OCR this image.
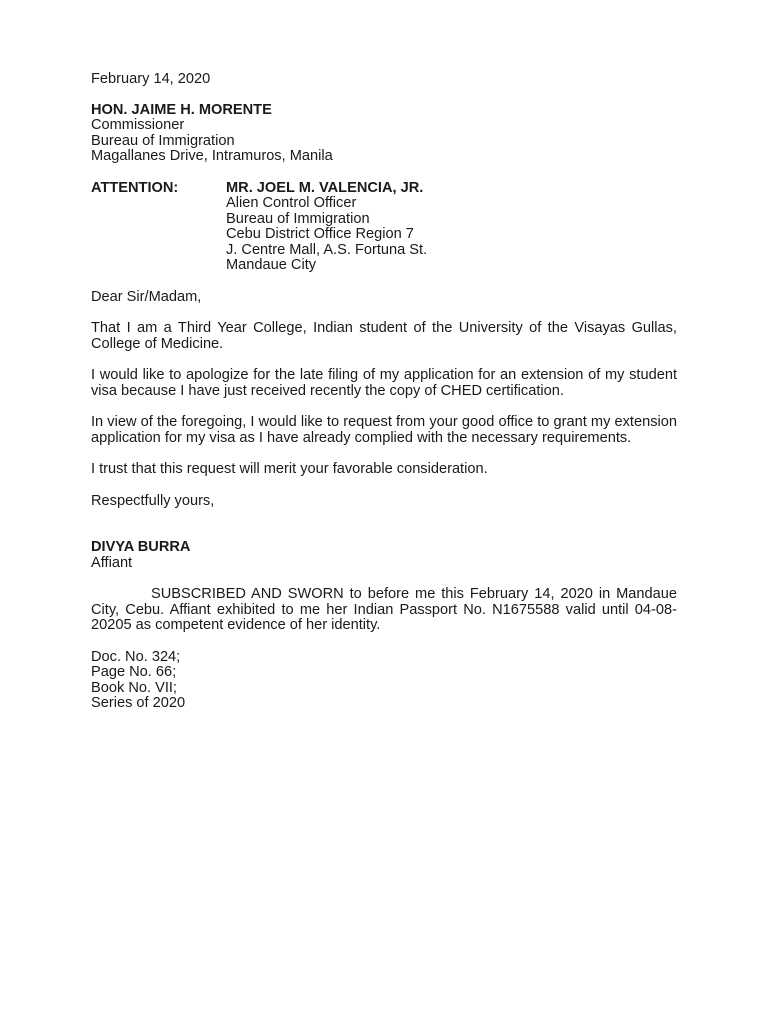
February 14, 2020
HON. JAIME H. MORENTE
Commissioner
Bureau of Immigration
Magallanes Drive, Intramuros, Manila
ATTENTION:	MR. JOEL M. VALENCIA, JR.
Alien Control Officer
Bureau of Immigration
Cebu District Office Region 7
J. Centre Mall, A.S. Fortuna St.
Mandaue City
Dear Sir/Madam,

That I am a Third Year College, Indian student of the University of the Visayas Gullas, College of Medicine.

I would like to apologize for the late filing of my application for an extension of my student visa because I have just received recently the copy of CHED certification.

In view of the foregoing, I would like to request from your good office to grant my extension application for my visa as I have already complied with the necessary requirements.

I trust that this request will merit your favorable consideration.

Respectfully yours,
DIVYA BURRA
Affiant

SUBSCRIBED AND SWORN to before me this February 14, 2020 in Mandaue City, Cebu. Affiant exhibited to me her Indian Passport No. N1675588 valid until 04-08-20205 as competent evidence of her identity.

Doc. No. 324;
Page No. 66;
Book No. VII;
Series of 2020
